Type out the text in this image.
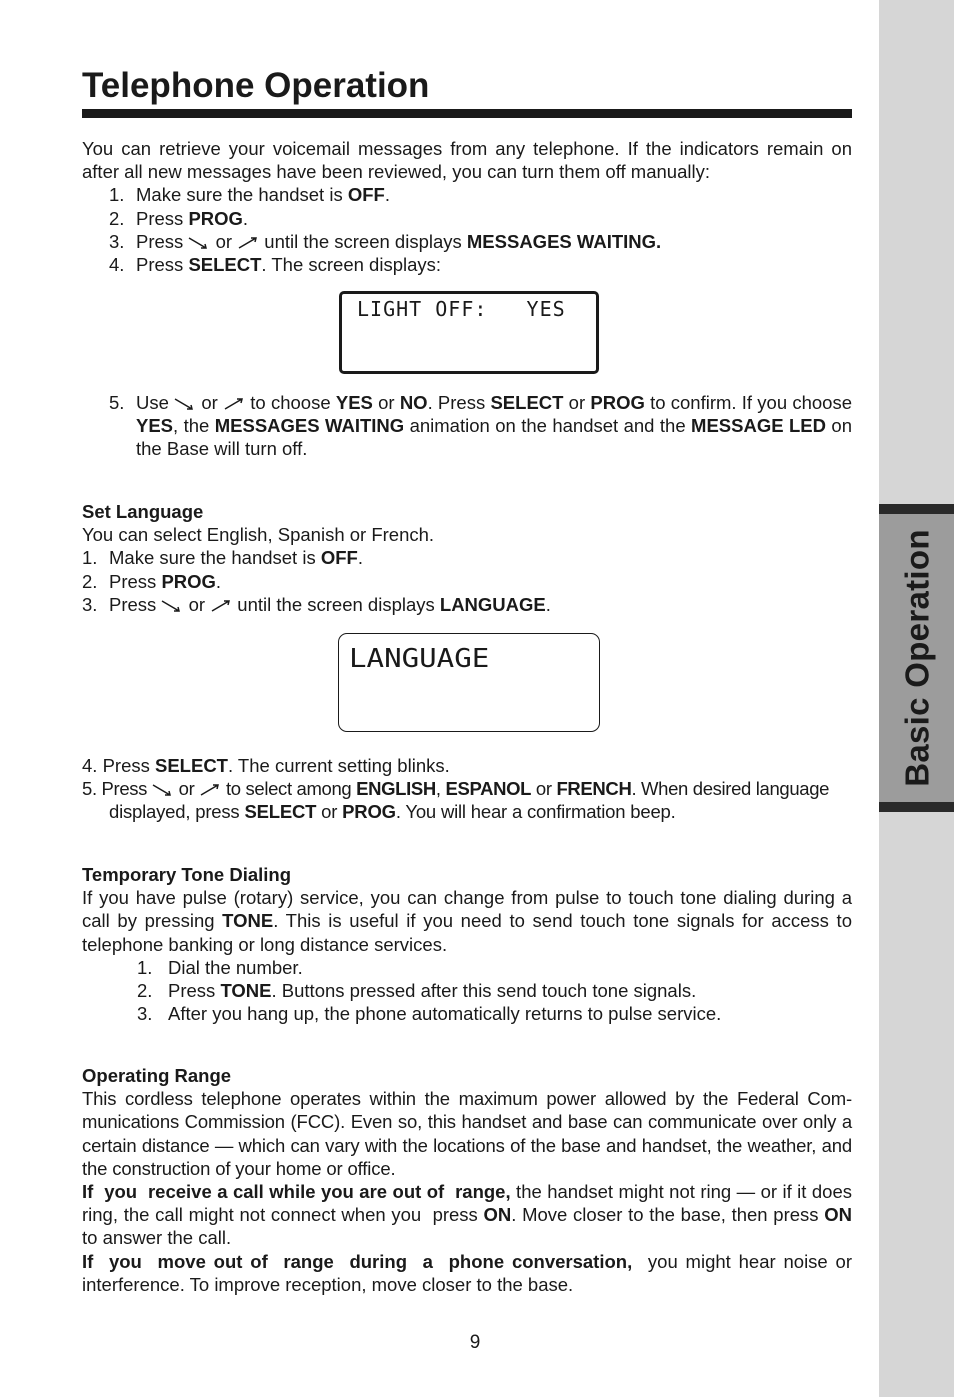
Basic Operation
Telephone Operation

You can retrieve your voicemail messages from any telephone. If the indicators remain on after all new messages have been reviewed, you can turn them off manually:

1. Make sure the handset is OFF.
2. Press PROG.
3. Press  or  until the screen displays MESSAGES WAITING.
4. Press SELECT. The screen displays:
LIGHT OFF:   YES
5. Use  or  to choose YES or NO. Press SELECT or PROG to confirm. If you choose YES, the MESSAGES WAITING animation on the handset and the MESSAGE LED on the Base will turn off.
Set Language
You can select English, Spanish or French.
1. Make sure the handset is OFF.
2. Press PROG.
3. Press  or  until the screen displays LANGUAGE.
LANGUAGE
4. Press SELECT. The current setting blinks.
5. Press  or  to select among ENGLISH, ESPANOL or FRENCH. When desired language
displayed, press SELECT or PROG. You will hear a confirmation beep.
Temporary Tone Dialing

If you have pulse (rotary) service, you can change from pulse to touch tone dialing during a call by pressing TONE. This is useful if you need to send touch tone signals for access to telephone banking or long distance services.

1. Dial the number.
2. Press TONE. Buttons pressed after this send touch tone signals.
3. After you hang up, the phone automatically returns to pulse service.
Operating Range

This cordless telephone operates within the maximum power allowed by the Federal Com-munications Commission (FCC). Even so, this handset and base can communicate over only a certain distance — which can vary with the locations of the base and handset, the weather, and the construction of your home or office.

If  you  receive a call while you are out of  range, the handset might not ring — or if it does  ring, the call might not connect when you  press ON. Move closer to the base, then press ON to answer the call.

If  you  move out of  range  during  a  phone conversation,  you might hear noise or interference. To improve reception, move closer to the base.

9
